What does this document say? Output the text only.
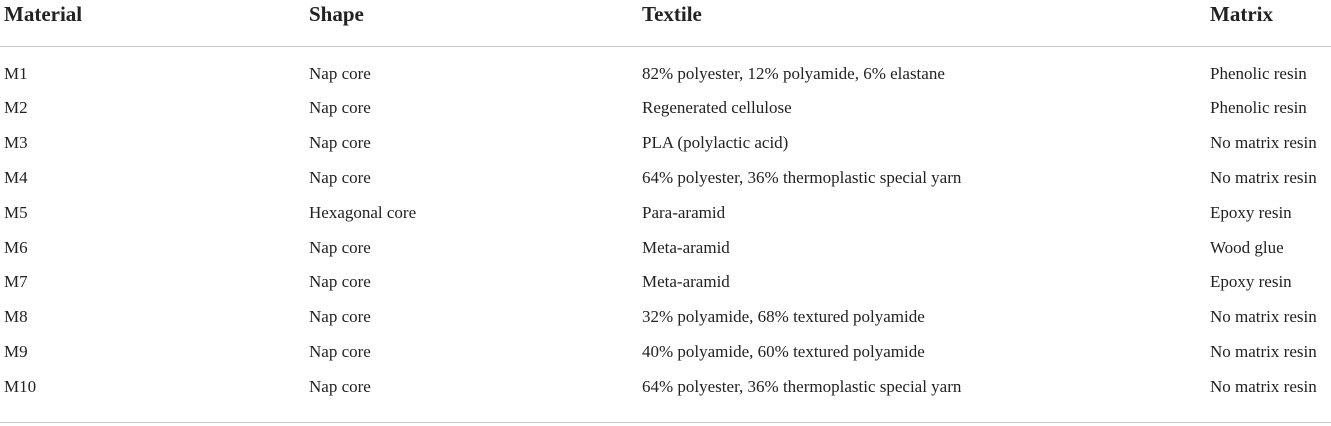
Material	Shape	Textile	Matrix
M1	Nap core	82% polyester, 12% polyamide, 6% elastane	Phenolic resin
M2	Nap core	Regenerated cellulose	Phenolic resin
M3	Nap core	PLA (polylactic acid)	No matrix resin
M4	Nap core	64% polyester, 36% thermoplastic special yarn	No matrix resin
M5	Hexagonal core	Para-aramid	Epoxy resin
M6	Nap core	Meta-aramid	Wood glue
M7	Nap core	Meta-aramid	Epoxy resin
M8	Nap core	32% polyamide, 68% textured polyamide	No matrix resin
M9	Nap core	40% polyamide, 60% textured polyamide	No matrix resin
M10	Nap core	64% polyester, 36% thermoplastic special yarn	No matrix resin
